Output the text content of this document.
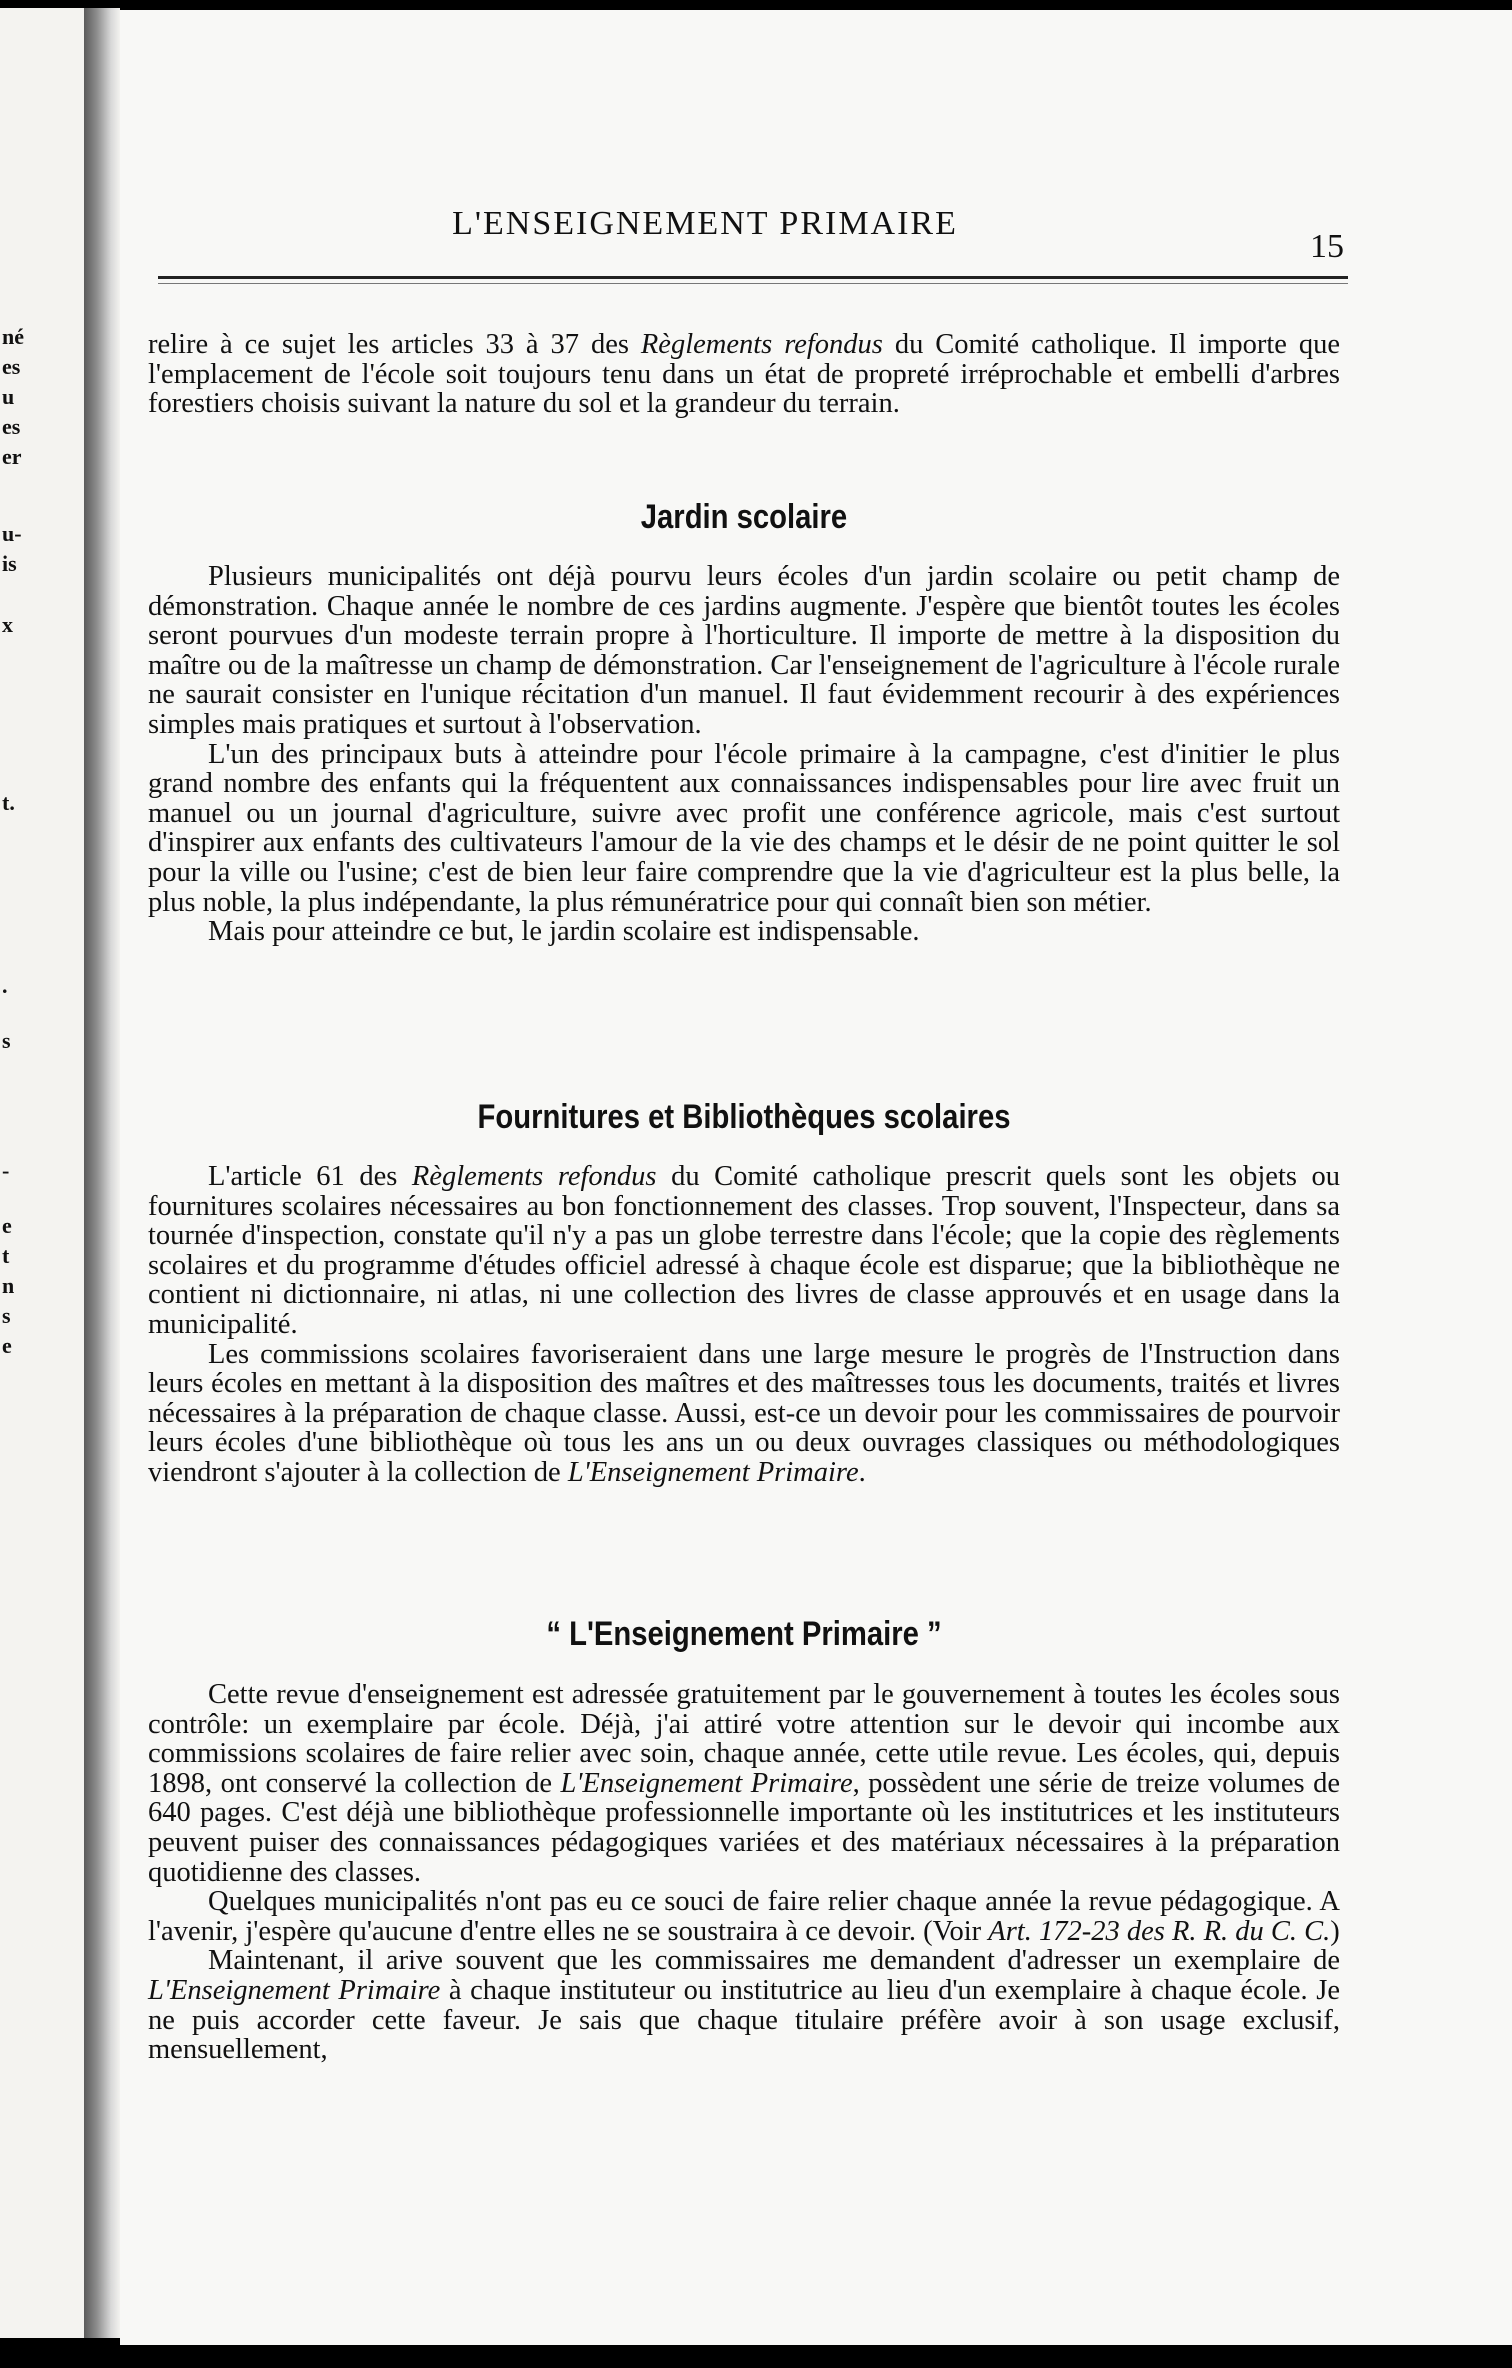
né
es
u
es
er
u-
is
x
t.
.
s
-
e
t
n
s
e
L'ENSEIGNEMENT PRIMAIRE
15

relire à ce sujet les articles 33 à 37 des Règlements refondus du Comité catholique. Il importe que l'emplacement de l'école soit toujours tenu dans un état de propreté irréprochable et embelli d'arbres forestiers choisis suivant la nature du sol et la grandeur du terrain.

Jardin scolaire

Plusieurs municipalités ont déjà pourvu leurs écoles d'un jardin scolaire ou petit champ de démonstration. Chaque année le nombre de ces jardins augmente. J'espère que bientôt toutes les écoles seront pourvues d'un modeste terrain propre à l'horticulture. Il importe de mettre à la disposition du maître ou de la maîtresse un champ de démonstration. Car l'enseignement de l'agriculture à l'école rurale ne saurait consister en l'unique récitation d'un manuel. Il faut évidemment recourir à des expériences simples mais pratiques et surtout à l'observation.

L'un des principaux buts à atteindre pour l'école primaire à la campagne, c'est d'initier le plus grand nombre des enfants qui la fréquentent aux connaissances indispensables pour lire avec fruit un manuel ou un journal d'agriculture, suivre avec profit une conférence agricole, mais c'est surtout d'inspirer aux enfants des cultivateurs l'amour de la vie des champs et le désir de ne point quitter le sol pour la ville ou l'usine; c'est de bien leur faire comprendre que la vie d'agriculteur est la plus belle, la plus noble, la plus indépendante, la plus rémunératrice pour qui connaît bien son métier.

Mais pour atteindre ce but, le jardin scolaire est indispensable.

Fournitures et Bibliothèques scolaires

L'article 61 des Règlements refondus du Comité catholique prescrit quels sont les objets ou fournitures scolaires nécessaires au bon fonctionnement des classes. Trop souvent, l'Inspecteur, dans sa tournée d'inspection, constate qu'il n'y a pas un globe terrestre dans l'école; que la copie des règlements scolaires et du programme d'études officiel adressé à chaque école est disparue; que la bibliothèque ne contient ni dictionnaire, ni atlas, ni une collection des livres de classe approuvés et en usage dans la municipalité.

Les commissions scolaires favoriseraient dans une large mesure le progrès de l'Instruction dans leurs écoles en mettant à la disposition des maîtres et des maîtresses tous les documents, traités et livres nécessaires à la préparation de chaque classe. Aussi, est-ce un devoir pour les commissaires de pourvoir leurs écoles d'une bibliothèque où tous les ans un ou deux ouvrages classiques ou méthodologiques viendront s'ajouter à la collection de L'Enseignement Primaire.

“ L'Enseignement Primaire ”

Cette revue d'enseignement est adressée gratuitement par le gouvernement à toutes les écoles sous contrôle: un exemplaire par école. Déjà, j'ai attiré votre attention sur le devoir qui incombe aux commissions scolaires de faire relier avec soin, chaque année, cette utile revue. Les écoles, qui, depuis 1898, ont conservé la collection de L'Enseignement Primaire, possèdent une série de treize volumes de 640 pages. C'est déjà une bibliothèque professionnelle importante où les institutrices et les instituteurs peuvent puiser des connaissances pédagogiques variées et des matériaux nécessaires à la préparation quotidienne des classes.

Quelques municipalités n'ont pas eu ce souci de faire relier chaque année la revue pédagogique. A l'avenir, j'espère qu'aucune d'entre elles ne se soustraira à ce devoir. (Voir Art. 172-23 des R. R. du C. C.)

Maintenant, il arive souvent que les commissaires me demandent d'adresser un exemplaire de L'Enseignement Primaire à chaque instituteur ou institutrice au lieu d'un exemplaire à chaque école. Je ne puis accorder cette faveur. Je sais que chaque titulaire préfère avoir à son usage exclusif, mensuellement,
